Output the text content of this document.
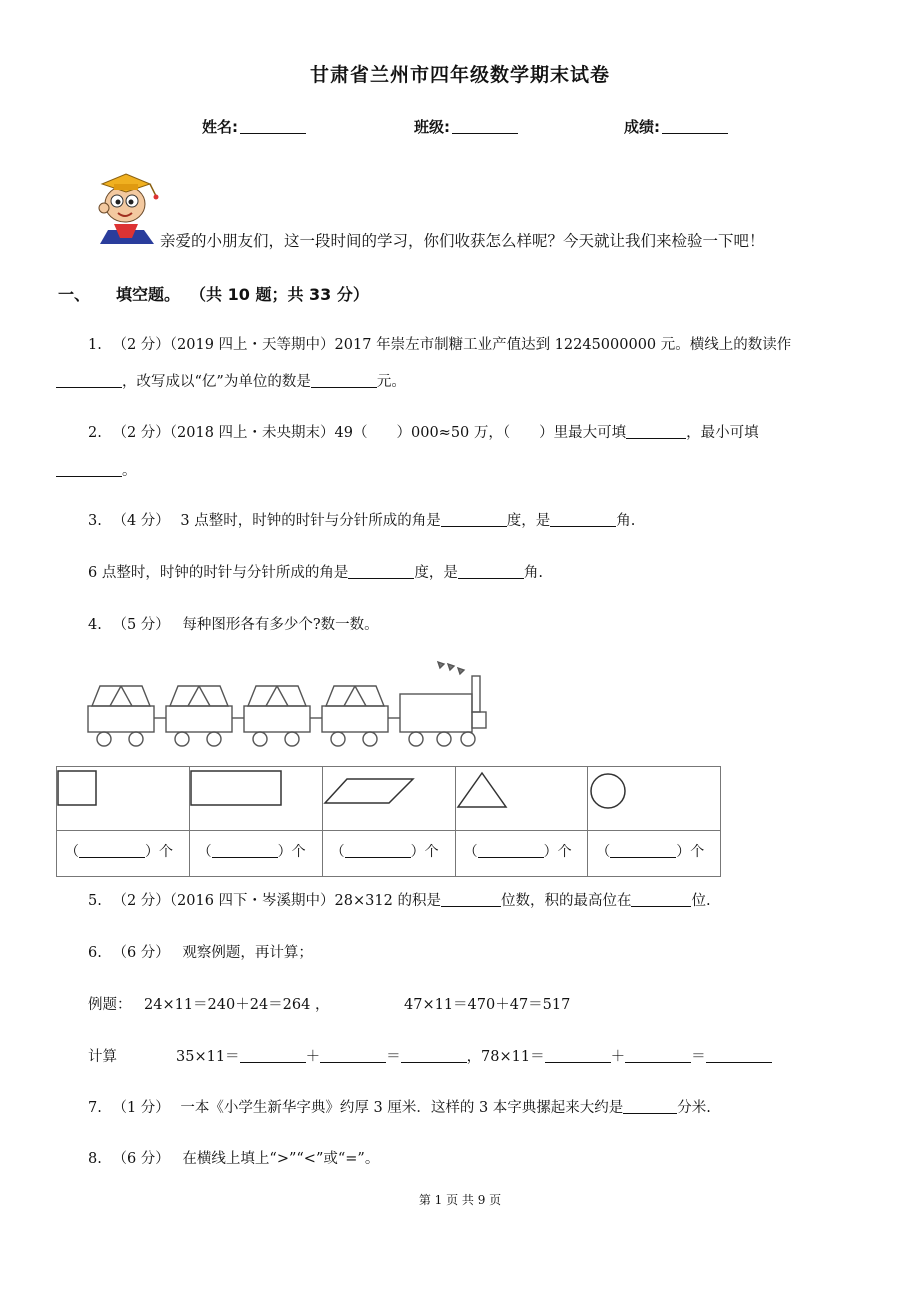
甘肃省兰州市四年级数学期末试卷
姓名:	班级:	成绩:
亲爱的小朋友们，这一段时间的学习，你们收获怎么样呢？今天就让我们来检验一下吧！
一、 填空题。 （共 10 题；共 33 分）
1. （2 分）（2019 四上・天等期中）2017 年崇左市制糖工业产值达到 12245000000 元。横线上的数读作
，改写成以“亿”为单位的数是	元。
2. （2 分）（2018 四上・未央期末）49（　　）000≈50 万，（　　）里最大可填	，最小可填
。
3. （4 分） 3 点整时，时钟的时针与分针所成的角是	度，是	角.
6 点整时，时钟的时针与分针所成的角是	度，是	角.
4. （5 分） 每种图形各有多少个?数一数。

（ ）个	（ ）个	（ ）个	（ ）个	（ ）个
5. （2 分）（2016 四下・岑溪期中）28×312 的积是	位数，积的最高位在	位.
6. （6 分） 观察例题，再计算；
例题： 24×11＝240＋24＝264 ，	47×11＝470＋47＝517
计算	35×11＝	＋	＝	，78×11＝	＋	＝
7. （1 分） 一本《小学生新华字典》约厚 3 厘米．这样的 3 本字典摞起来大约是	分米.
8. （6 分） 在横线上填上“>”“<”或“=”。
第 1 页 共 9 页
